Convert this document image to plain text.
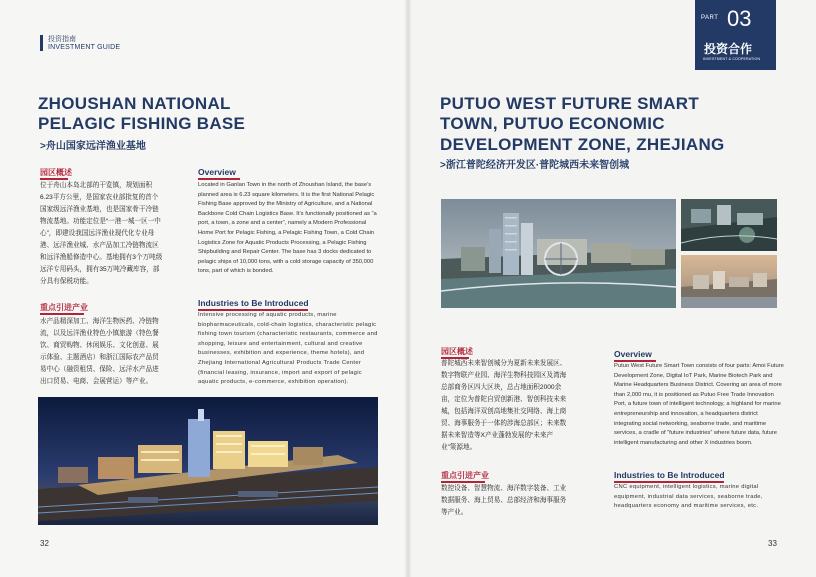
投资指南
INVESTMENT GUIDE
ZHOUSHAN NATIONAL
PELAGIC FISHING BASE
>舟山国家远洋渔业基地
园区概述
位于舟山本岛北部的干览镇，规划面积6.23平方公里，是国家农业部批复的首个国家级远洋渔业基地，也是国家骨干冷链物流基地。功能定位是“一港一城一区一中心”，即建设我国远洋渔业现代化专业母港、远洋渔业城、水产品加工冷链物流区和远洋渔船修造中心。基地拥有3个万吨级远洋专用码头，拥有35万吨冷藏库容，部分具有保税功能。
重点引进产业
水产品精深加工、海洋生物医药、冷链物流，以及远洋渔业特色小镇旅游（特色餐饮、商贸购物、休闲娱乐、文化创意、展示体验、主题酒店）和浙江国际农产品贸易中心（融资租赁、保险、远洋水产品进出口贸易、电商、会展营运）等产业。
Overview
Located in Ganlan Town in the north of Zhoushan Island, the base’s planned area is 6.23 square kilometers. It is the first National Pelagic Fishing Base approved by the Ministry of Agriculture, and a National Backbone Cold Chain Logistics Base. It’s functionally positioned as “a port, a town, a zone and a center”, namely a Modern Professional Home Port for Pelagic Fishing, a Pelagic Fishing Town, a Cold Chain Logistics Zone for Aquatic Products Processing, a Pelagic Fishing Shipbuilding and Repair Center. The base has 3 docks dedicated to pelagic ships of 10,000 tons, with a cold storage capacity of 350,000 tons, part of which is bonded.
Industries to Be Introduced
Intensive processing of aquatic products, marine biopharmaceuticals, cold-chain logistics, characteristic pelagic fishing town tourism (characteristic restaurants, commerce and shopping, leisure and entertainment, cultural and creative businesses, exhibition and experience, theme hotels), and Zhejiang International Agricultural Products Trade Center (financial leasing, insurance, import and export of pelagic aquatic products, e-commerce, exhibition operation).
32
PART 03
投资合作
INVESTMENT & COOPERATION
PUTUO WEST FUTURE SMART
TOWN, PUTUO ECONOMIC
DEVELOPMENT ZONE, ZHEJIANG
>浙江普陀经济开发区·普陀城西未来智创城
园区概述
普陀城西未来智创城分为夏新未来发展区、数字物联产业园、海洋生物科技园区及湾海总部商务区四大区块，总占地面积2000余亩，定位为普陀自贸创新港、智创科技未来城，包括海洋双创高地集社交网络、海上商贸、海事服务于一体的涉海总部区；未来数据未来智造等X产业蓬勃发展的“未来产业”策源地。
重点引进产业
数控设备、智慧物流、海洋数字装备、工业数据服务、海上贸易、总部经济和海事服务等产业。
Overview
Putuo West Future Smart Town consists of four parts: Amoi Future Development Zone, Digital IoT Park, Marine Biotech Park and Marine Headquarters Business District. Covering an area of more than 2,000 mu, it is positioned as Putuo Free Trade Innovation Port, a future town of intelligent technology, a highland for marine entrepreneurship and innovation, a headquarters district integrating social networking, seaborne trade, and maritime services, a cradle of “future industries” where future data, future intelligent manufacturing and other X industries boom.
Industries to Be Introduced
CNC equipment, intelligent logistics, marine digital equipment, industrial data services, seaborne trade, headquarters economy and maritime services, etc.
33
